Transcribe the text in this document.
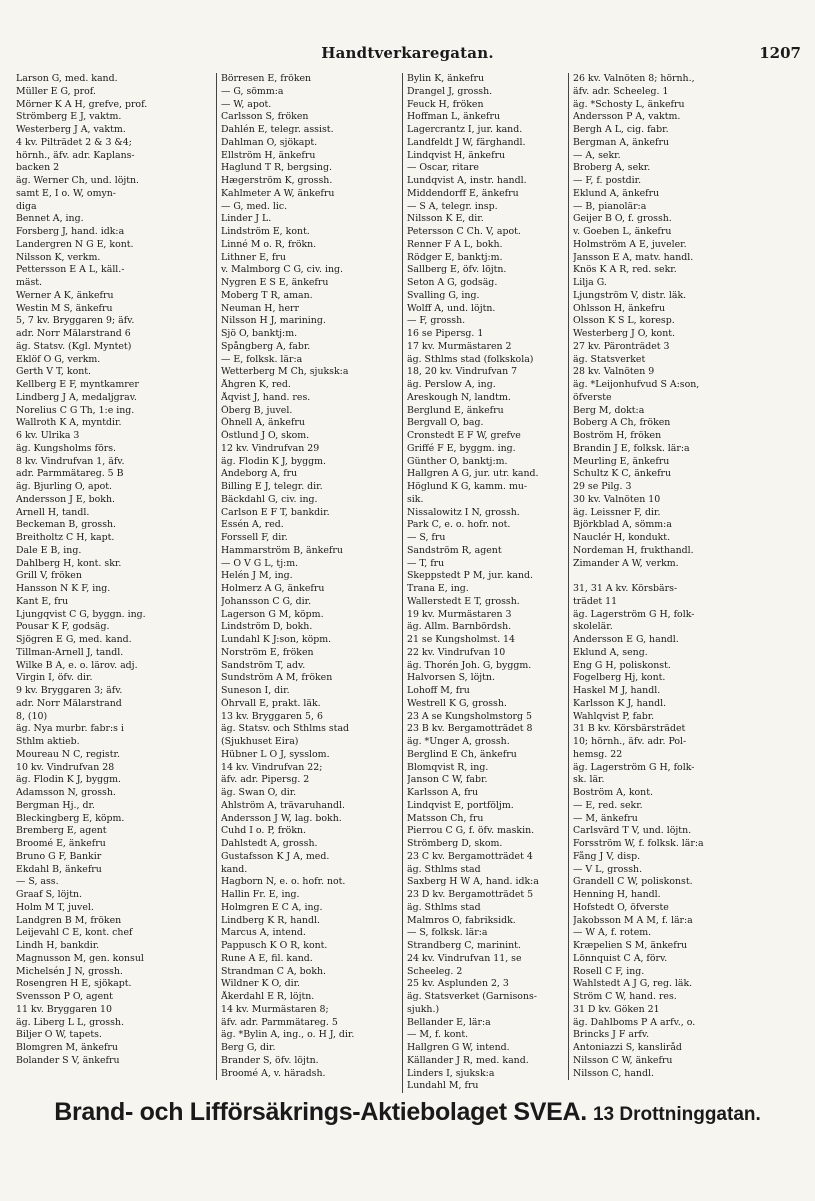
Handtverkaregatan.	1207
Larson G, med. kand.
Müller E G, prof.
Mörner K A H, grefve, prof.
Strömberg E J, vaktm.
Westerberg J A, vaktm.
4 kv. Pilträdet 2 & 3 &4;
hörnh., äfv. adr. Kaplans-
backen 2
äg. Werner Ch, und. löjtn.
samt E, I o. W, omyn-
diga
Bennet A, ing.
Forsberg J, hand. idk:a
Landergren N G E, kont.
Nilsson K, verkm.
Pettersson E A L, käll.-
mäst.
Werner A K, änkefru
Westin M S, änkefru
5, 7 kv. Bryggaren 9; äfv.
adr. Norr Mälarstrand 6
äg. Statsv. (Kgl. Myntet)
Eklöf O G, verkm.
Gerth V T, kont.
Kellberg E F, myntkamrer
Lindberg J A, medaljgrav.
Norelius C G Th, 1:e ing.
Wallroth K A, myntdir.
6 kv. Ulrika 3
äg. Kungsholms förs.
8 kv. Vindrufvan 1, äfv.
adr. Parmmätareg. 5 B
äg. Bjurling O, apot.
Andersson J E, bokh.
Arnell H, tandl.
Beckeman B, grossh.
Breitholtz C H, kapt.
Dale E B, ing.
Dahlberg H, kont. skr.
Grill V, fröken
Hansson N K F, ing.
Kant E, fru
Ljungqvist C G, byggn. ing.
Pousar K F, godsäg.
Sjögren E G, med. kand.
Tillman-Arnell J, tandl.
Wilke B A, e. o. lärov. adj.
Virgin I, öfv. dir.
9 kv. Bryggaren 3; äfv.
adr. Norr Mälarstrand
8, (10)
äg. Nya murbr. fabr:s i
Sthlm aktieb.
Moureau N C, registr.
10 kv. Vindrufvan 28
äg. Flodin K J, byggm.
Adamsson N, grossh.
Bergman Hj., dr.
Bleckingberg E, köpm.
Bremberg E, agent
Broomé E, änkefru
Bruno G F, Bankir
Ekdahl B, änkefru
— S, ass.
Graaf S, löjtn.
Holm M T, juvel.
Landgren B M, fröken
Leijevahl C E, kont. chef
Lindh H, bankdir.
Magnusson M, gen. konsul
Michelsén J N, grossh.
Rosengren H E, sjökapt.
Svensson P O, agent
11 kv. Bryggaren 10
äg. Liberg L L, grossh.
Biljer O W, tapets.
Blomgren M, änkefru
Bolander S V, änkefru
Börresen E, fröken
— G, sömm:a
— W, apot.
Carlsson S, fröken
Dahlén E, telegr. assist.
Dahlman O, sjökapt.
Ellström H, änkefru
Haglund T R, bergsing.
Hægerström K, grossh.
Kahlmeter A W, änkefru
— G, med. lic.
Linder J L.
Lindström E, kont.
Linné M o. R, frökn.
Lithner E, fru
v. Malmborg C G, civ. ing.
Nygren E S E, änkefru
Moberg T R, aman.
Neuman H, herr
Nilsson H J, marining.
Sjö O, banktj:m.
Spångberg A, fabr.
— E, folksk. lär:a
Wetterberg M Ch, sjuksk:a
Åhgren K, red.
Åqvist J, hand. res.
Öberg B, juvel.
Öhnell A, änkefru
Östlund J O, skom.
12 kv. Vindrufvan 29
äg. Flodin K J, byggm.
Andeborg A, fru
Billing E J, telegr. dir.
Bäckdahl G, civ. ing.
Carlson E F T, bankdir.
Essén A, red.
Forssell F, dir.
Hammarström B, änkefru
— O V G L, tj:m.
Helén J M, ing.
Holmerz A G, änkefru
Johansson C G, dir.
Lagerson G M, köpm.
Lindström D, bokh.
Lundahl K J:son, köpm.
Norström E, fröken
Sandström T, adv.
Sundström A M, fröken
Suneson I, dir.
Öhrvall E, prakt. läk.
13 kv. Bryggaren 5, 6
äg. Statsv. och Sthlms stad
(Sjukhuset Eira)
Hübner L O J, sysslom.
14 kv. Vindrufvan 22;
äfv. adr. Pipersg. 2
äg. Swan O, dir.
Ahlström A, trävaruhandl.
Andersson J W, lag. bokh.
Cuhd I o. P, frökn.
Dahlstedt A, grossh.
Gustafsson K J A, med.
kand.
Hagborn N, e. o. hofr. not.
Hallin Fr. E, ing.
Holmgren E C A, ing.
Lindberg K R, handl.
Marcus A, intend.
Pappusch K O R, kont.
Rune A E, fil. kand.
Strandman C A, bokh.
Wildner K O, dir.
Åkerdahl E R, löjtn.
14 kv. Murmästaren 8;
äfv. adr. Parmmätareg. 5
äg. *Bylin A, ing., o. H J, dir.
Berg G, dir.
Brander S, öfv. löjtn.
Broomé A, v. häradsh.
Bylin K, änkefru
Drangel J, grossh.
Feuck H, fröken
Hoffman L, änkefru
Lagercrantz I, jur. kand.
Landfeldt J W, färghandl.
Lindqvist H, änkefru
— Oscar, ritare
Lundqvist A, instr. handl.
Middendorff E, änkefru
— S A, telegr. insp.
Nilsson K E, dir.
Petersson C Ch. V, apot.
Renner F A L, bokh.
Rödger E, banktj:m.
Sallberg E, öfv. löjtn.
Seton A G, godsäg.
Svalling G, ing.
Wolff A, und. löjtn.
— F, grossh.
16 se Pipersg. 1
17 kv. Murmästaren 2
äg. Sthlms stad (folkskola)
18, 20 kv. Vindrufvan 7
äg. Perslow A, ing.
Areskough N, landtm.
Berglund E, änkefru
Bergvall O, bag.
Cronstedt E F W, grefve
Griffé F E, byggm. ing.
Günther O, banktj:m.
Hallgren A G, jur. utr. kand.
Höglund K G, kamm. mu-
sik.
Nissalowitz I N, grossh.
Park C, e. o. hofr. not.
— S, fru
Sandström R, agent
— T, fru
Skeppstedt P M, jur. kand.
Trana E, ing.
Wallerstedt E T, grossh.
19 kv. Murmästaren 3
äg. Allm. Barnbördsh.
21 se Kungsholmst. 14
22 kv. Vindrufvan 10
äg. Thorén Joh. G, byggm.
Halvorsen S, löjtn.
Lohoff M, fru
Westrell K G, grossh.
23 A se Kungsholmstorg 5
23 B kv. Bergamotträdet 8
äg. *Unger A, grossh.
Berglind E Ch, änkefru
Blomqvist R, ing.
Janson C W, fabr.
Karlsson A, fru
Lindqvist E, portföljm.
Matsson Ch, fru
Pierrou C G, f. öfv. maskin.
Strömberg D, skom.
23 C kv. Bergamotträdet 4
äg. Sthlms stad
Saxberg H W A, hand. idk:a
23 D kv. Bergamotträdet 5
äg. Sthlms stad
Malmros O, fabriksidk.
— S, folksk. lär:a
Strandberg C, marinint.
24 kv. Vindrufvan 11, se
Scheeleg. 2
25 kv. Asplunden 2, 3
äg. Statsverket (Garnisons-
sjukh.)
Bellander E, lär:a
— M, f. kont.
Hallgren G W, intend.
Källander J R, med. kand.
Linders I, sjuksk:a
Lundahl M, fru
26 kv. Valnöten 8; hörnh.,
äfv. adr. Scheeleg. 1
äg. *Schosty L, änkefru
Andersson P A, vaktm.
Bergh A L, cig. fabr.
Bergman A, änkefru
— A, sekr.
Broberg A, sekr.
— F, f. postdir.
Eklund A, änkefru
— B, pianolär:a
Geijer B O, f. grossh.
v. Goeben L, änkefru
Holmström A E, juveler.
Jansson E A, matv. handl.
Knös K A R, red. sekr.
Lilja G.
Ljungström V, distr. läk.
Ohlsson H, änkefru
Olsson K S L, koresp.
Westerberg J O, kont.
27 kv. Päronträdet 3
äg. Statsverket
28 kv. Valnöten 9
äg. *Leijonhufvud S A:son,
öfverste
Berg M, dokt:a
Boberg A Ch, fröken
Boström H, fröken
Brandin J E, folksk. lär:a
Meurling E, änkefru
Schultz K C, änkefru
29 se Pilg. 3
30 kv. Valnöten 10
äg. Leissner F, dir.
Björkblad A, sömm:a
Nauclér H, kondukt.
Nordeman H, frukthandl.
Zimander A W, verkm.
31, 31 A kv. Körsbärs-
trädet 11
äg. Lagerström G H, folk-
skolelär.
Andersson E G, handl.
Eklund A, seng.
Eng G H, poliskonst.
Fogelberg Hj, kont.
Haskel M J, handl.
Karlsson K J, handl.
Wahlqvist P, fabr.
31 B kv. Körsbärsträdet
10; hörnh., äfv. adr. Pol-
hemsg. 22
äg. Lagerström G H, folk-
sk. lär.
Boström A, kont.
— E, red. sekr.
— M, änkefru
Carlsvärd T V, und. löjtn.
Forsström W, f. folksk. lär:a
Fång J V, disp.
— V L, grossh.
Grandell C W, poliskonst.
Henning H, handl.
Hofstedt O, öfverste
Jakobsson M A M, f. lär:a
— W A, f. rotem.
Kræpelien S M, änkefru
Lönnquist C A, förv.
Rosell C F, ing.
Wahlstedt A J G, reg. läk.
Ström C W, hand. res.
31 D kv. Göken 21
äg. Dahlboms P A arfv., o.
Brincks J F arfv.
Antoniazzi S, kansliråd
Nilsson C W, änkefru
Nilsson C, handl.
Brand- och Lifförsäkrings-Aktiebolaget SVEA. 13 Drottninggatan.
